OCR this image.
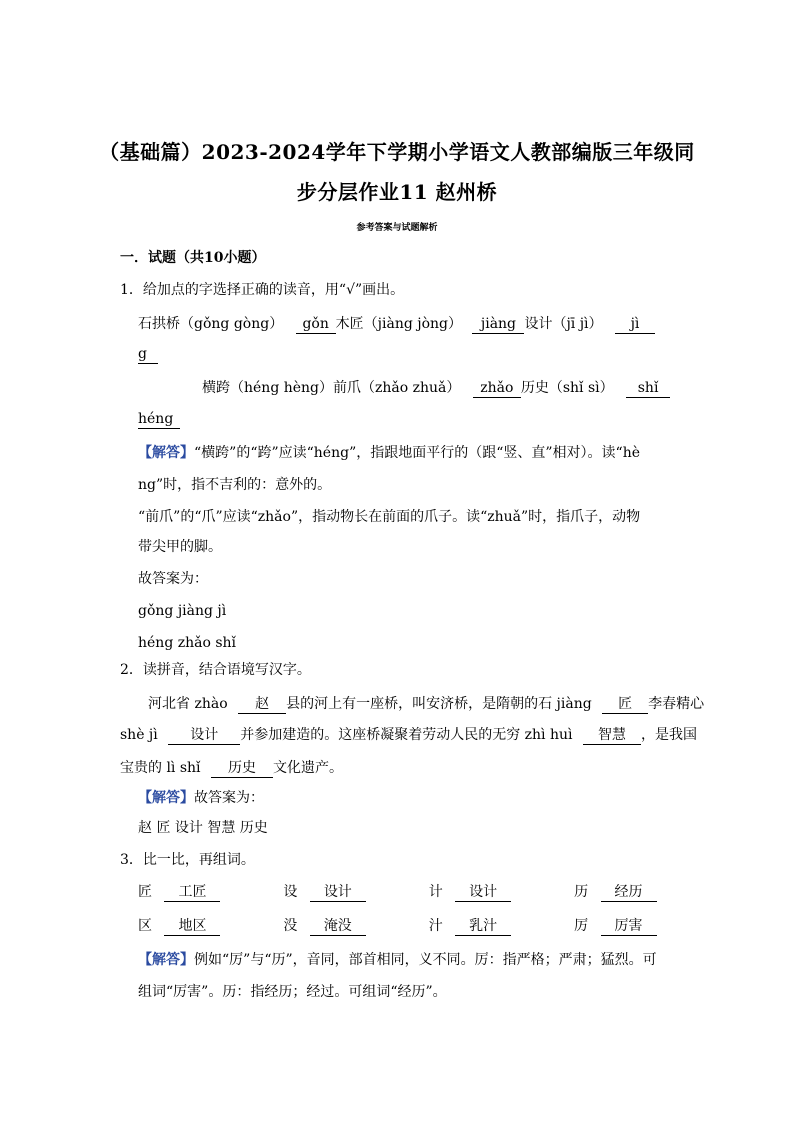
（基础篇）2023-2024学年下学期小学语文人教部编版三年级同
步分层作业11 赵州桥
参考答案与试题解析
一．试题（共10小题）
1．给加点的字选择正确的读音，用“√”画出。
石拱桥（gǒng gòng） gǒn 木匠（jiàng jòng） jiàng 设计（jī jì） jì
g
横跨（héng hèng）前爪（zhǎo zhuǎ） zhǎo 历史（shǐ sì） shǐ
héng
【解答】“横跨”的“跨”应读“héng”，指跟地面平行的（跟“竖、直”相对）。读“hè
ng”时，指不吉利的：意外的。
“前爪”的“爪”应读“zhǎo”，指动物长在前面的爪子。读“zhuǎ”时，指爪子，动物
带尖甲的脚。
故答案为：
gǒng jiàng jì
héng zhǎo shǐ
2．读拼音，结合语境写汉字。
河北省 zhào 赵 县的河上有一座桥，叫安济桥，是隋朝的石 jiàng 匠 李春精心
shè jì 设计 并参加建造的。这座桥凝聚着劳动人民的无穷 zhì huì 智慧 ，是我国
宝贵的 lì shǐ 历史 文化遗产。
【解答】故答案为：
赵 匠 设计 智慧 历史
3．比一比，再组词。
匠 工匠	设 设计	计 设计	历 经历
区 地区	没 淹没	汁 乳汁	厉 厉害
【解答】例如“厉”与“历”，音同，部首相同，义不同。厉：指严格；严肃；猛烈。可
组词“厉害”。历：指经历；经过。可组词“经历”。
